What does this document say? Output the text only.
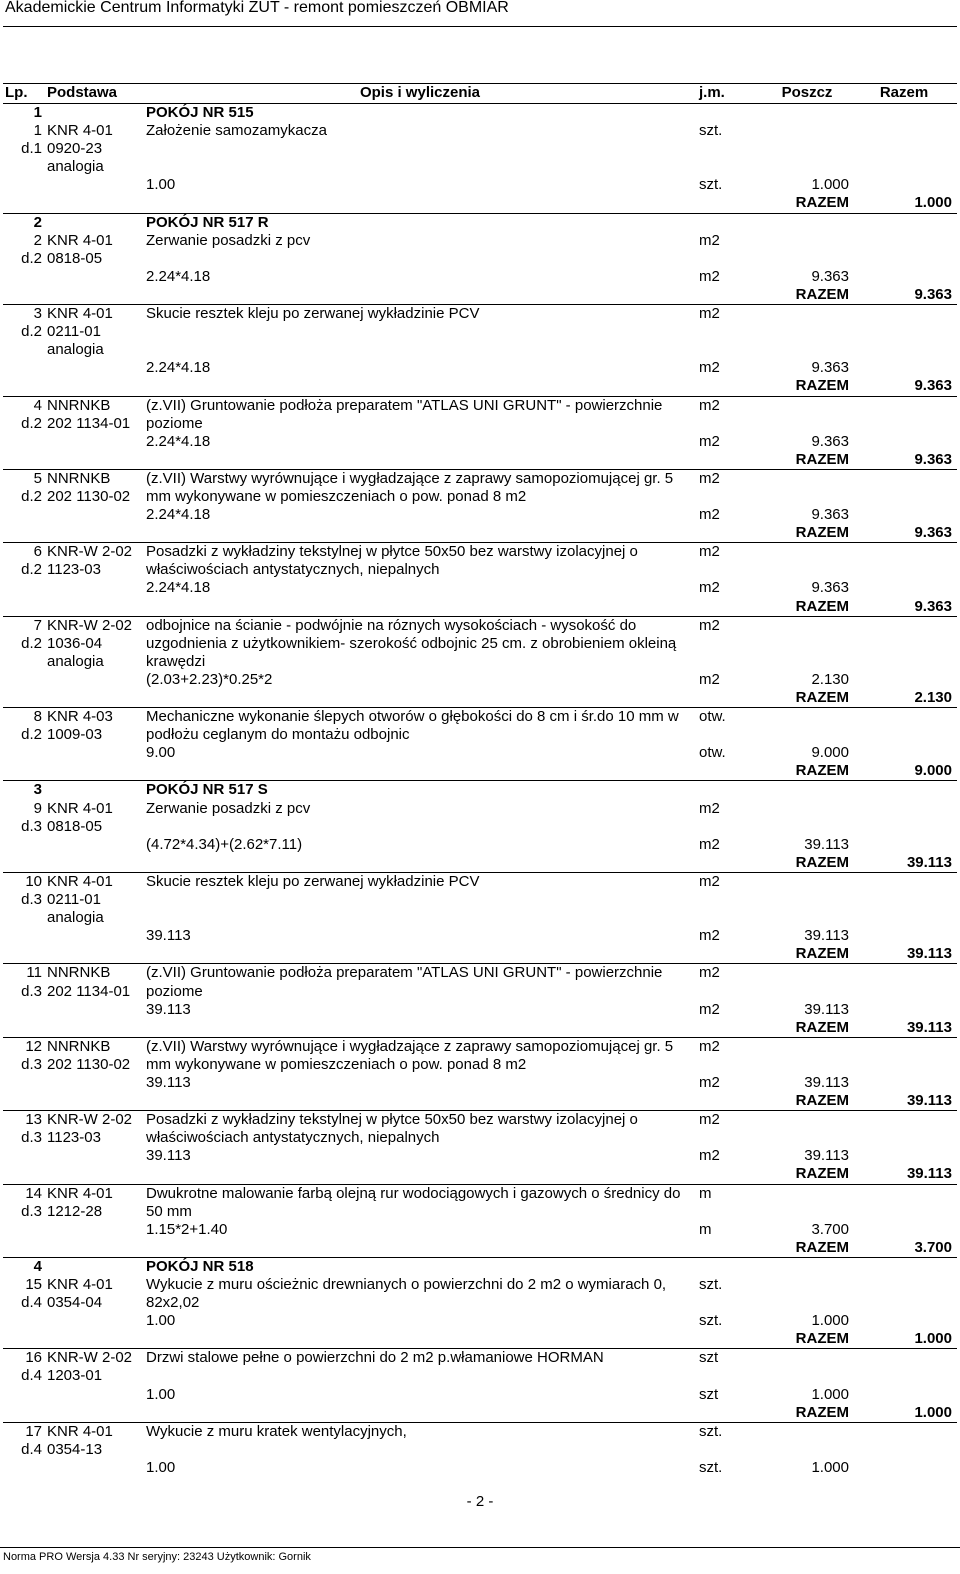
Akademickie Centrum Informatyki ZUT - remont pomieszczeń OBMIAR
Lp.	Podstawa	Opis i wyliczenia	j.m.	Poszcz	Razem
1		POKÓJ NR 515			
1	KNR 4-01	Założenie samozamykacza	szt.		
d.1	0920-23				
	analogia				
		1.00	szt.	1.000	
				RAZEM	1.000
2		POKÓJ NR 517 R			
2	KNR 4-01	Zerwanie posadzki z pcv	m2		
d.2	0818-05				
		2.24*4.18	m2	9.363	
				RAZEM	9.363
3	KNR 4-01	Skucie resztek kleju po zerwanej wykładzinie PCV	m2		
d.2	0211-01				
	analogia				
		2.24*4.18	m2	9.363	
				RAZEM	9.363
4	NNRNKB	(z.VII) Gruntowanie podłoża preparatem "ATLAS UNI GRUNT" - powierzchnie poziome	m2		
d.2	202 1134-01				
		2.24*4.18	m2	9.363	
				RAZEM	9.363
5	NNRNKB	(z.VII) Warstwy wyrównujące i wygładzające z zaprawy samopoziomującej gr. 5 mm wykonywane w pomieszczeniach o pow. ponad 8 m2	m2		
d.2	202 1130-02				
		2.24*4.18	m2	9.363	
				RAZEM	9.363
6	KNR-W 2-02	Posadzki z wykładziny tekstylnej w płytce 50x50 bez warstwy izolacyjnej o właściwościach antystatycznych, niepalnych	m2		
d.2	1123-03				
		2.24*4.18	m2	9.363	
				RAZEM	9.363
7	KNR-W 2-02	odbojnice na ścianie - podwójnie na róznych wysokościach - wysokość do uzgodnienia z użytkownikiem- szerokość odbojnic 25 cm. z obrobieniem okleiną krawędzi	m2		
d.2	1036-04				
	analogia				
		(2.03+2.23)*0.25*2	m2	2.130	
				RAZEM	2.130
8	KNR 4-03	Mechaniczne wykonanie ślepych otworów o głębokości do 8 cm i śr.do 10 mm w podłożu ceglanym do montażu odbojnic	otw.		
d.2	1009-03				
		9.00	otw.	9.000	
				RAZEM	9.000
3		POKÓJ NR 517 S			
9	KNR 4-01	Zerwanie posadzki z pcv	m2		
d.3	0818-05				
		(4.72*4.34)+(2.62*7.11)	m2	39.113	
				RAZEM	39.113
10	KNR 4-01	Skucie resztek kleju po zerwanej wykładzinie PCV	m2		
d.3	0211-01				
	analogia				
		39.113	m2	39.113	
				RAZEM	39.113
11	NNRNKB	(z.VII) Gruntowanie podłoża preparatem "ATLAS UNI GRUNT" - powierzchnie poziome	m2		
d.3	202 1134-01				
		39.113	m2	39.113	
				RAZEM	39.113
12	NNRNKB	(z.VII) Warstwy wyrównujące i wygładzające z zaprawy samopoziomującej gr. 5 mm wykonywane w pomieszczeniach o pow. ponad 8 m2	m2		
d.3	202 1130-02				
		39.113	m2	39.113	
				RAZEM	39.113
13	KNR-W 2-02	Posadzki z wykładziny tekstylnej w płytce 50x50 bez warstwy izolacyjnej o właściwościach antystatycznych, niepalnych	m2		
d.3	1123-03				
		39.113	m2	39.113	
				RAZEM	39.113
14	KNR 4-01	Dwukrotne malowanie farbą olejną rur wodociągowych i gazowych o średnicy do 50 mm	m		
d.3	1212-28				
		1.15*2+1.40	m	3.700	
				RAZEM	3.700
4		POKÓJ NR 518			
15	KNR 4-01	Wykucie z muru ościeżnic drewnianych o powierzchni do 2 m2 o wymiarach 0, 82x2,02	szt.		
d.4	0354-04				
		1.00	szt.	1.000	
				RAZEM	1.000
16	KNR-W 2-02	Drzwi stalowe pełne o powierzchni do 2 m2 p.włamaniowe HORMAN	szt		
d.4	1203-01				
		1.00	szt	1.000	
				RAZEM	1.000
17	KNR 4-01	Wykucie z muru kratek wentylacyjnych,	szt.		
d.4	0354-13				
		1.00	szt.	1.000	
- 2 -
Norma PRO Wersja 4.33 Nr seryjny: 23243 Użytkownik: Gornik
